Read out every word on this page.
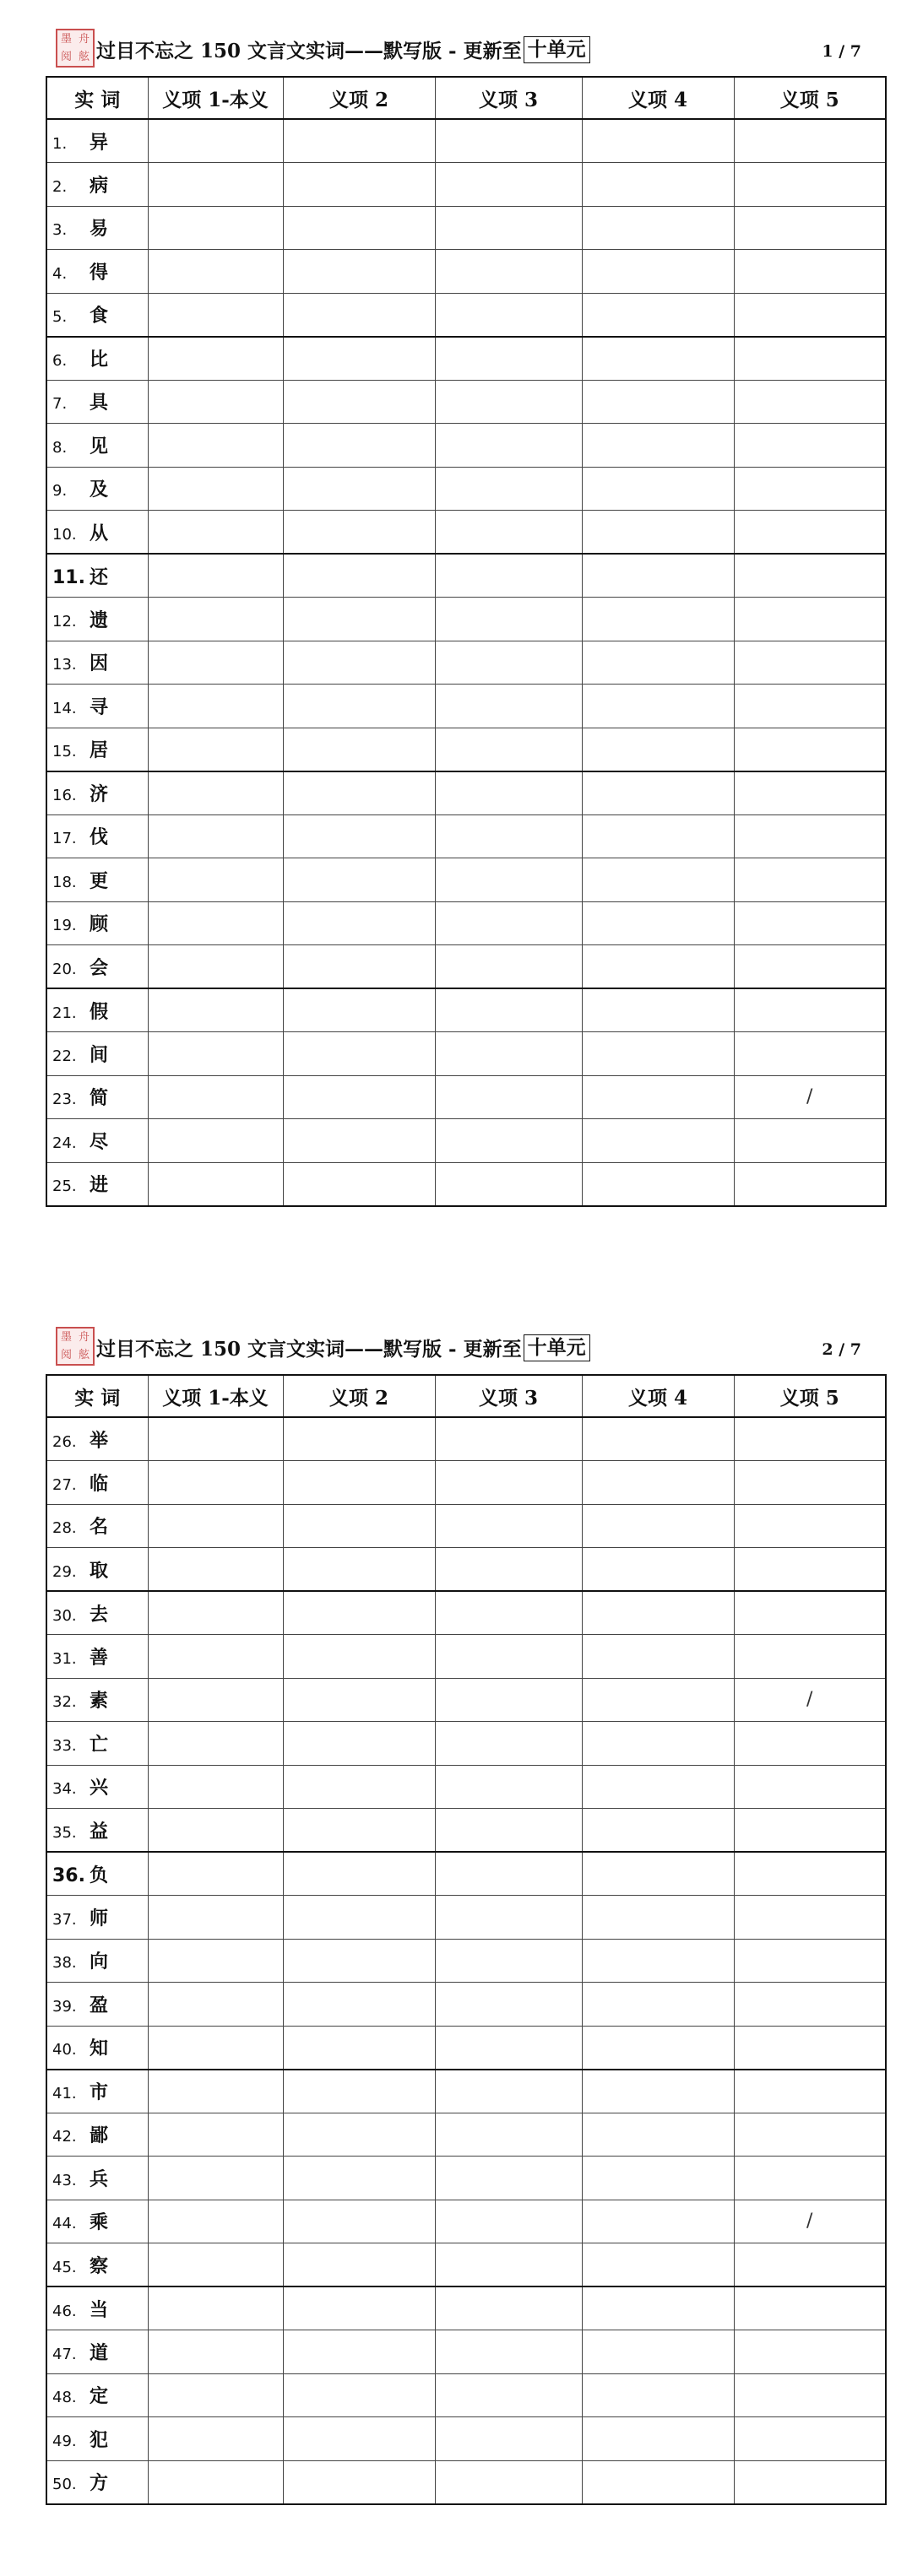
墨 舟
阅 舷 过目不忘之 150 文言文实词——默写版 - 更新至 十单元	1 / 7
实 词	义项 1-本义	义项 2	义项 3	义项 4	义项 5
1. 异					
2. 病					
3. 易					
4. 得					
5. 食					
6. 比					
7. 具					
8. 见					
9. 及					
10. 从					
11. 还					
12. 遗					
13. 因					
14. 寻					
15. 居					
16. 济					
17. 伐					
18. 更					
19. 顾					
20. 会					
21. 假					
22. 间					
23. 简					/
24. 尽					
25. 进					
墨 舟
阅 舷 过目不忘之 150 文言文实词——默写版 - 更新至 十单元	2 / 7
实 词	义项 1-本义	义项 2	义项 3	义项 4	义项 5
26. 举					
27. 临					
28. 名					
29. 取					
30. 去					
31. 善					
32. 素					/
33. 亡					
34. 兴					
35. 益					
36. 负					
37. 师					
38. 向					
39. 盈					
40. 知					
41. 市					
42. 鄙					
43. 兵					
44. 乘					/
45. 察					
46. 当					
47. 道					
48. 定					
49. 犯					
50. 方					
